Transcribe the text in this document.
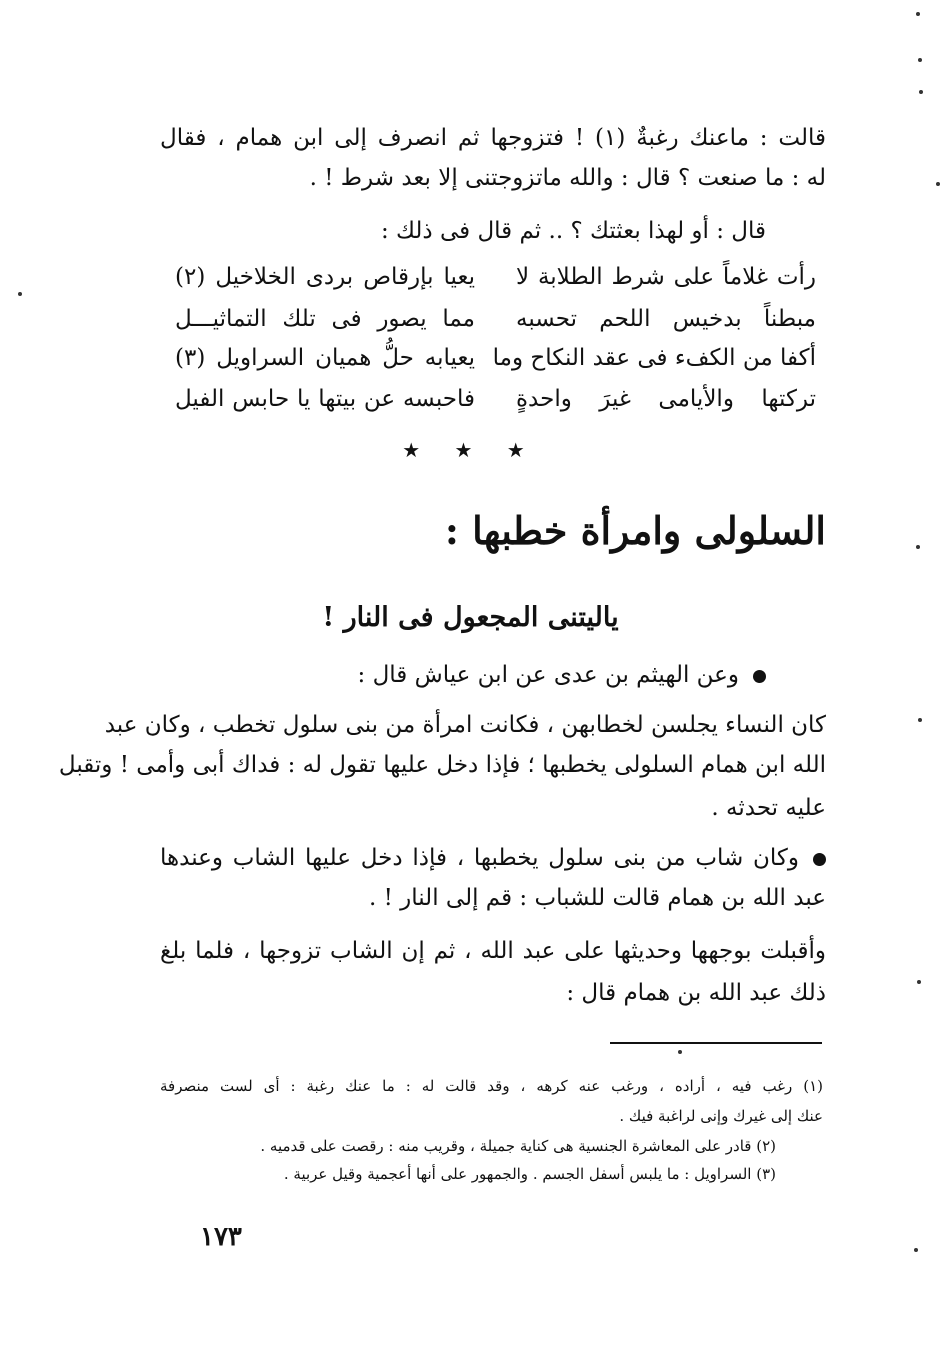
قالت : ماعنك رغبةٌ (١) ! فتزوجها ثم انصرف إلى ابن همام ، فقال
له : ما صنعت ؟ قال : والله ماتزوجتنى إلا بعد شرط ! .
قال : أو لهذا بعثتك ؟ .. ثم قال فى ذلك :
رأت غلاماً على شرط الطلابة لا
يعيا بإرقاص بردى الخلاخيل (٢)
مبطناً بدخيس اللحم تحسبه
مما يصور فى تلك التماثيـــل
أكفا من الكفء فى عقد النكاح وما
يعيابه حلُّ هميان السراويل (٣)
تركتها والأيامى غيرَ واحدةٍ
فاحبسه عن بيتها يا حابس الفيل
★ ★ ★
السلولى وامرأة خطبها :
ياليتنى المجعول فى النار !
وعن الهيثم بن عدى عن ابن عياش قال :
كان النساء يجلسن لخطابهن ، فكانت امرأة من بنى سلول تخطب ، وكان عبد
الله ابن همام السلولى يخطبها ؛ فإذا دخل عليها تقول له : فداك أبى وأمى ! وتقبل
عليه تحدثه .
وكان شاب من بنى سلول يخطبها ، فإذا دخل عليها الشاب وعندها
عبد الله بن همام قالت للشباب : قم إلى النار ! .
وأقبلت بوجهها وحديثها على عبد الله ، ثم إن الشاب تزوجها ، فلما بلغ
ذلك عبد الله بن همام قال :
(١) رغب فيه ، أراده ، ورغب عنه كرهه ، وقد قالت له : ما عنك رغبة : أى لست منصرفة
عنك إلى غيرك وإنى لراغبة فيك .
(٢) قادر على المعاشرة الجنسية هى كناية جميلة ، وقريب منه : رقصت على قدميه .
(٣) السراويل : ما يلبس أسفل الجسم . والجمهور على أنها أعجمية وقيل عربية .
١٧٣
